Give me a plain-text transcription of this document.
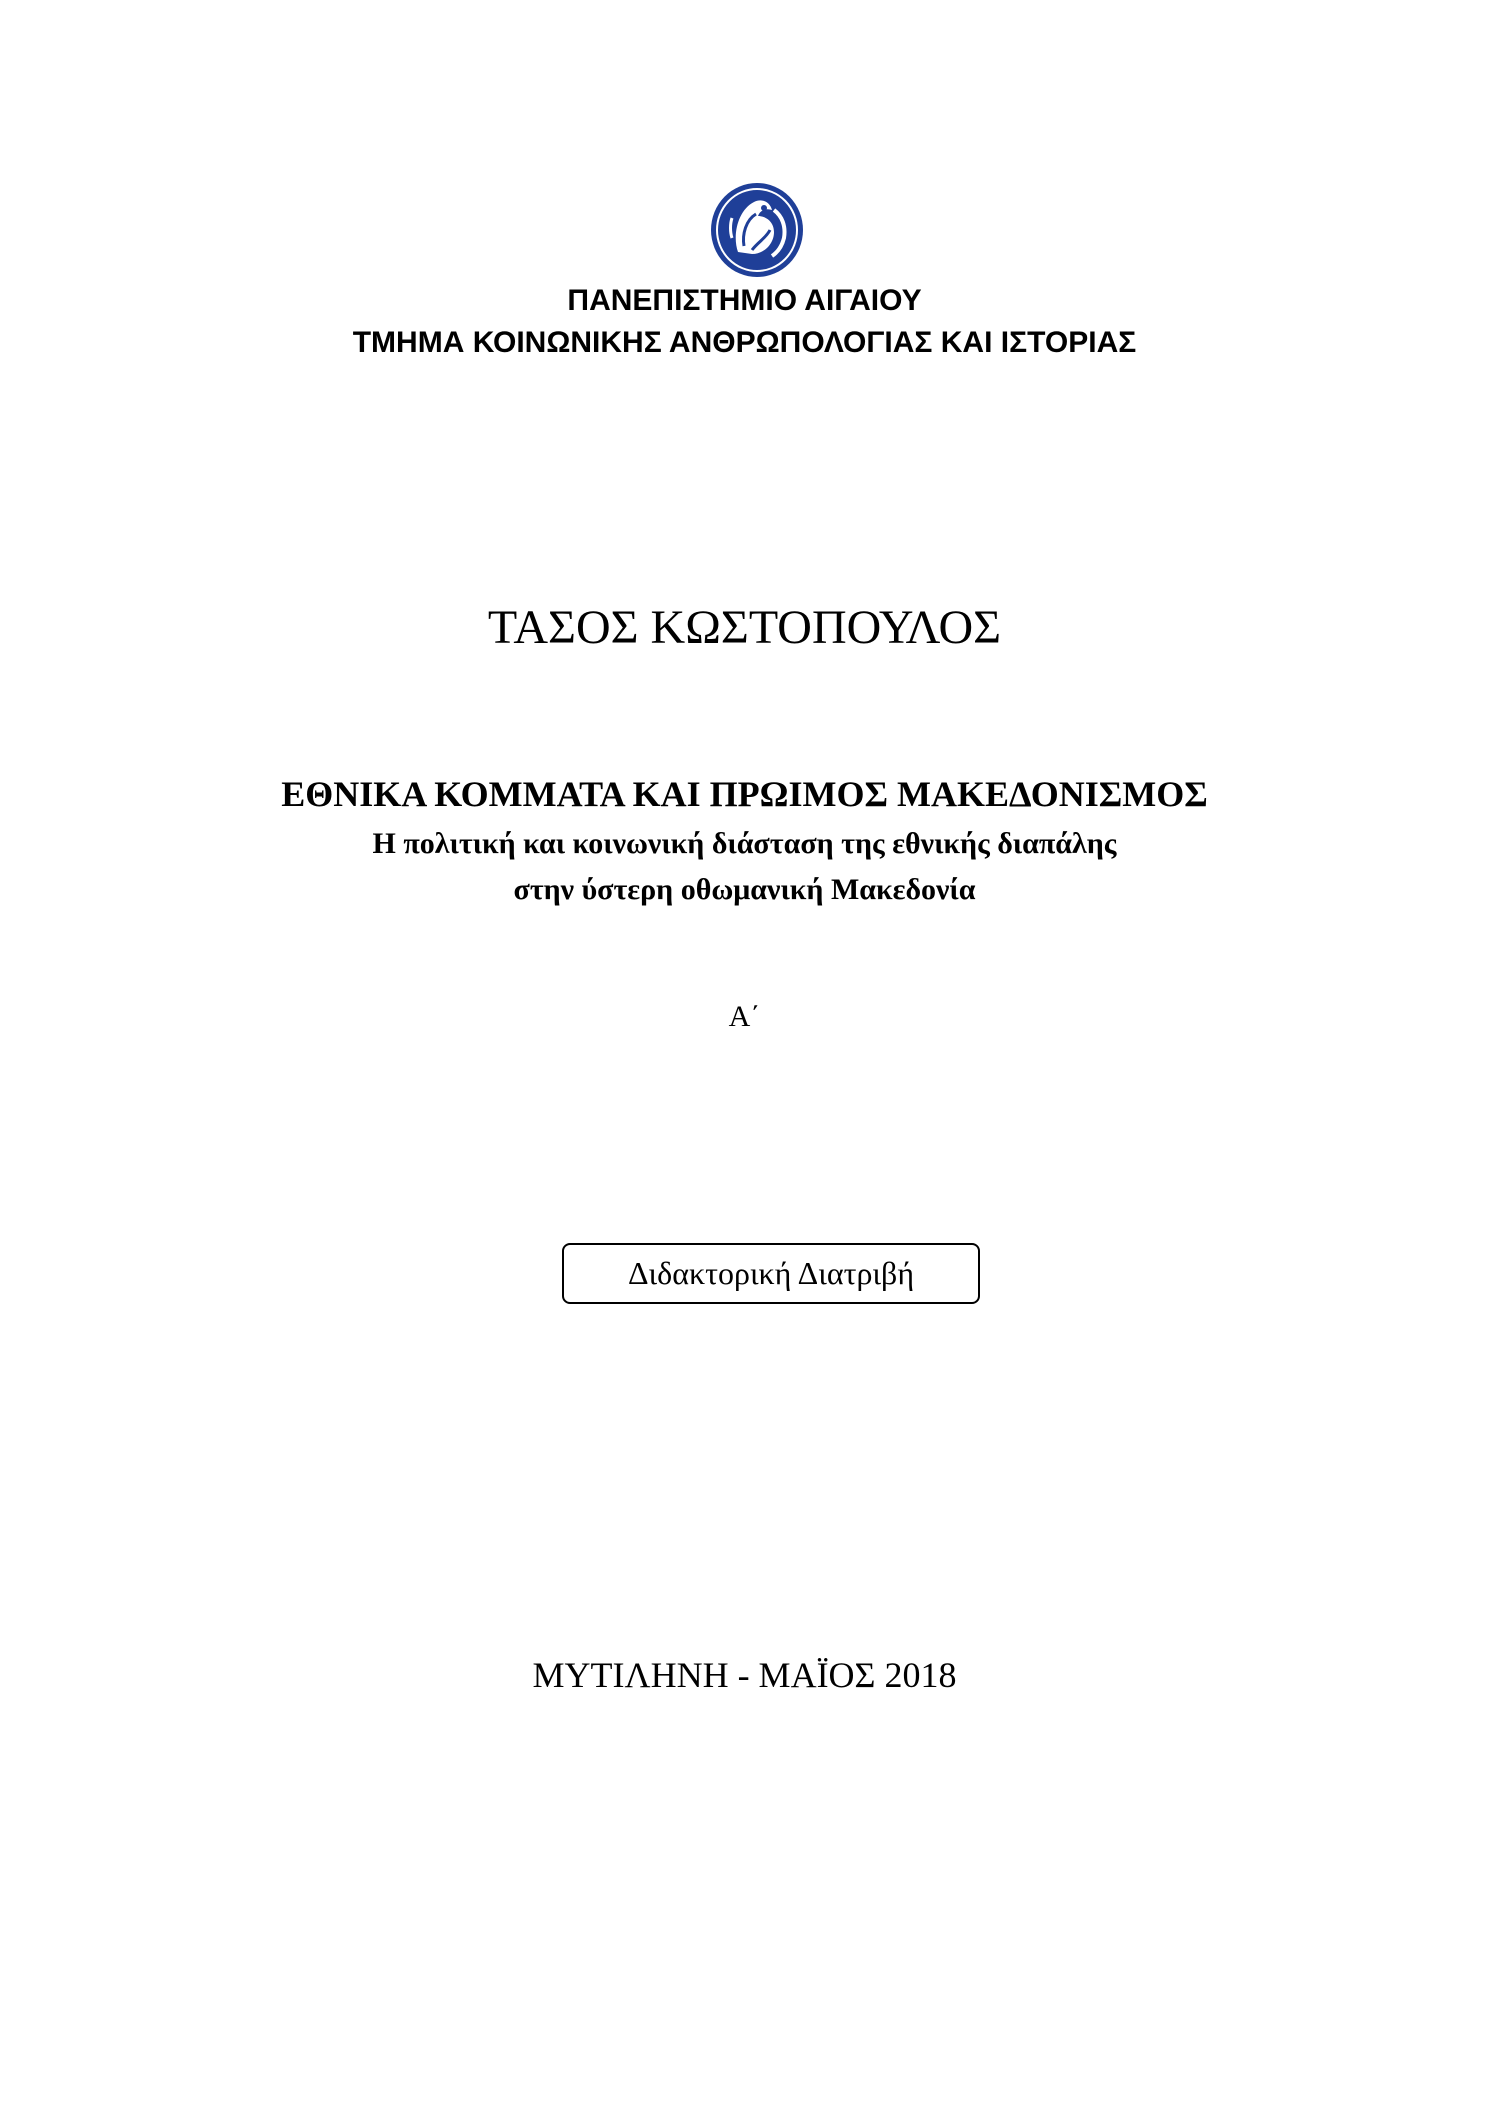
ΠΑΝΕΠΙΣΤΗΜΙΟ ΑΙΓΑΙΟΥ
ΤΜΗΜΑ ΚΟΙΝΩΝΙΚΗΣ ΑΝΘΡΩΠΟΛΟΓΙΑΣ ΚΑΙ ΙΣΤΟΡΙΑΣ
ΤΑΣΟΣ ΚΩΣΤΟΠΟΥΛΟΣ
ΕΘΝΙΚΑ ΚΟΜΜΑΤΑ ΚΑΙ ΠΡΩΙΜΟΣ ΜΑΚΕΔΟΝΙΣΜΟΣ
Η πολιτική και κοινωνική διάσταση της εθνικής διαπάλης
στην ύστερη οθωμανική Μακεδονία
Α΄
Διδακτορική Διατριβή
ΜΥΤΙΛΗΝΗ - ΜΑΪΟΣ 2018
